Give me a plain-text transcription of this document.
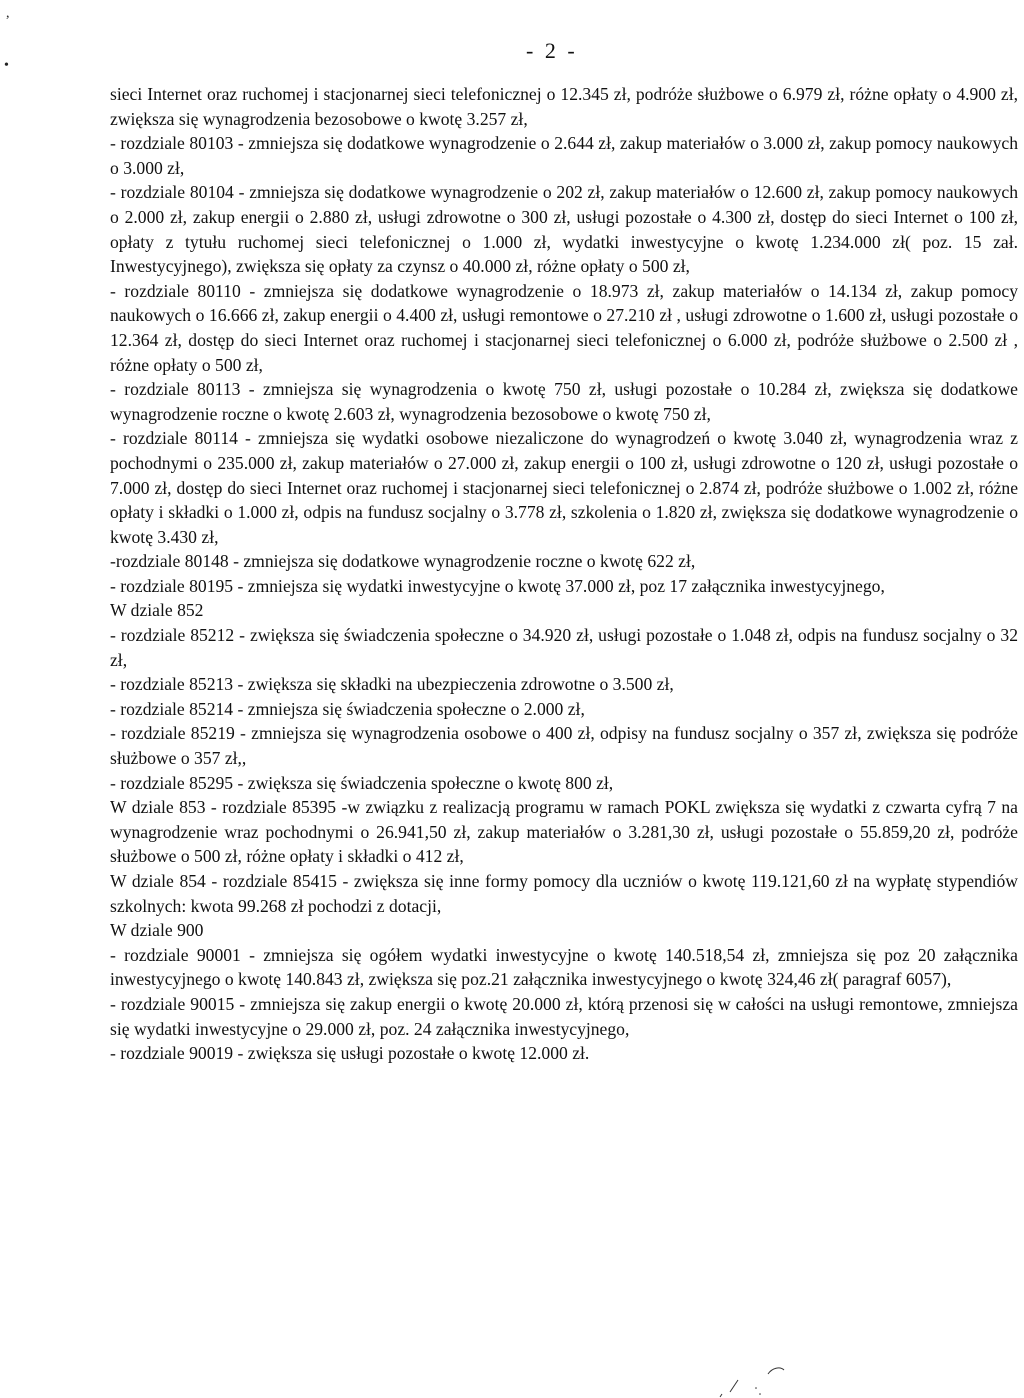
- 2 -
,
•

sieci Internet oraz ruchomej i stacjonarnej sieci telefonicznej o 12.345 zł, podróże służbowe o 6.979 zł, różne opłaty o 4.900 zł, zwiększa się wynagrodzenia bezosobowe o kwotę 3.257 zł,

- rozdziale 80103 - zmniejsza się dodatkowe wynagrodzenie o 2.644 zł, zakup materiałów o 3.000 zł, zakup pomocy naukowych o 3.000 zł,

- rozdziale 80104 - zmniejsza się dodatkowe wynagrodzenie o 202 zł, zakup materiałów o 12.600 zł, zakup pomocy naukowych o 2.000 zł, zakup energii o 2.880 zł, usługi zdrowotne o 300 zł, usługi pozostałe o 4.300 zł, dostęp do sieci Internet o 100 zł, opłaty z tytułu ruchomej sieci telefonicznej o 1.000 zł, wydatki inwestycyjne o kwotę 1.234.000 zł( poz. 15 zał. Inwestycyjnego), zwiększa się opłaty za czynsz o 40.000 zł, różne opłaty o 500 zł,

- rozdziale 80110 - zmniejsza się dodatkowe wynagrodzenie o 18.973 zł, zakup materiałów o 14.134 zł, zakup pomocy naukowych o 16.666 zł, zakup energii o 4.400 zł, usługi remontowe o 27.210 zł , usługi zdrowotne o 1.600 zł, usługi pozostałe o 12.364 zł, dostęp do sieci Internet oraz ruchomej i stacjonarnej sieci telefonicznej o 6.000 zł, podróże służbowe o 2.500 zł , różne opłaty o 500 zł,

- rozdziale 80113 - zmniejsza się wynagrodzenia o kwotę 750 zł, usługi pozostałe o 10.284 zł, zwiększa się dodatkowe wynagrodzenie roczne o kwotę 2.603 zł, wynagrodzenia bezosobowe o kwotę 750 zł,

- rozdziale 80114 - zmniejsza się wydatki osobowe niezaliczone do wynagrodzeń o kwotę 3.040 zł, wynagrodzenia wraz z pochodnymi o 235.000 zł, zakup materiałów o 27.000 zł, zakup energii o 100 zł, usługi zdrowotne o 120 zł, usługi pozostałe o 7.000 zł, dostęp do sieci Internet oraz ruchomej i stacjonarnej sieci telefonicznej o 2.874 zł, podróże służbowe o 1.002 zł, różne opłaty i składki o 1.000 zł, odpis na fundusz socjalny o 3.778 zł, szkolenia o 1.820 zł, zwiększa się dodatkowe wynagrodzenie o kwotę 3.430 zł,

-rozdziale 80148 - zmniejsza się dodatkowe wynagrodzenie roczne o kwotę 622 zł,

- rozdziale 80195 - zmniejsza się wydatki inwestycyjne o kwotę 37.000 zł, poz 17 załącznika inwestycyjnego,

W dziale 852

- rozdziale 85212 - zwiększa się świadczenia społeczne o 34.920 zł, usługi pozostałe o 1.048 zł, odpis na fundusz socjalny o 32 zł,

- rozdziale 85213 - zwiększa się składki na ubezpieczenia zdrowotne o 3.500 zł,

- rozdziale 85214 - zmniejsza się świadczenia społeczne o 2.000 zł,

- rozdziale 85219 - zmniejsza się wynagrodzenia osobowe o 400 zł, odpisy na fundusz socjalny o 357 zł, zwiększa się podróże służbowe o 357 zł,,

- rozdziale 85295 - zwiększa się świadczenia społeczne o kwotę 800 zł,

W dziale 853 - rozdziale 85395 -w związku z realizacją programu w ramach POKL zwiększa się wydatki z czwarta cyfrą 7 na wynagrodzenie wraz pochodnymi o 26.941,50 zł, zakup materiałów o 3.281,30 zł, usługi pozostałe o 55.859,20 zł, podróże służbowe o 500 zł, różne opłaty i składki o 412 zł,

W dziale 854 - rozdziale 85415 - zwiększa się inne formy pomocy dla uczniów o kwotę 119.121,60 zł na wypłatę stypendiów szkolnych: kwota 99.268 zł pochodzi z dotacji,

W dziale 900

- rozdziale 90001 - zmniejsza się ogółem wydatki inwestycyjne o kwotę 140.518,54 zł, zmniejsza się poz 20 załącznika inwestycyjnego o kwotę 140.843 zł, zwiększa się poz.21 załącznika inwestycyjnego o kwotę 324,46 zł( paragraf 6057),

- rozdziale 90015 - zmniejsza się zakup energii o kwotę 20.000 zł, którą przenosi się w całości na usługi remontowe, zmniejsza się wydatki inwestycyjne o 29.000 zł, poz. 24 załącznika inwestycyjnego,

- rozdziale 90019 - zwiększa się usługi pozostałe o kwotę 12.000 zł.
